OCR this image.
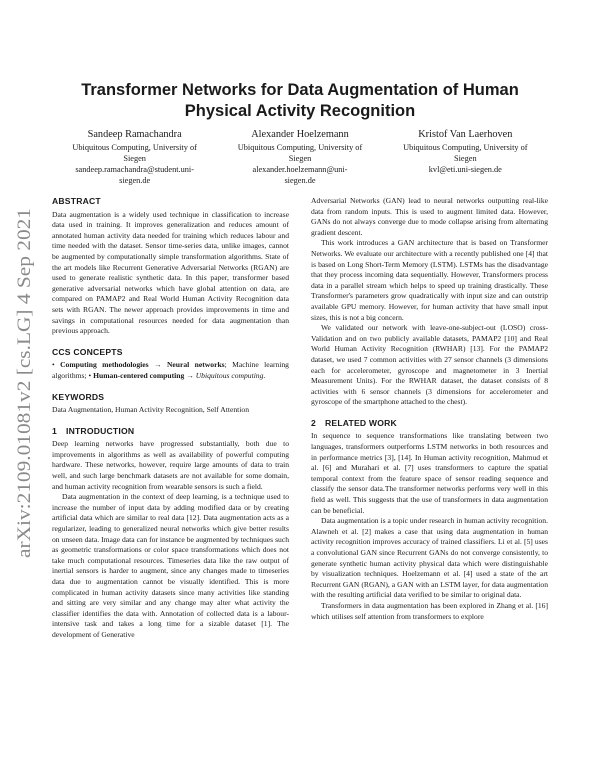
arXiv:2109.01081v2 [cs.LG] 4 Sep 2021
Transformer Networks for Data Augmentation of Human
Physical Activity Recognition
Sandeep Ramachandra
Ubiquitous Computing, University of
Siegen
sandeep.ramachandra@student.uni-
siegen.de
Alexander Hoelzemann
Ubiquitous Computing, University of
Siegen
alexander.hoelzemann@uni-
siegen.de
Kristof Van Laerhoven
Ubiquitous Computing, University of
Siegen
kvl@eti.uni-siegen.de
ABSTRACT

Data augmentation is a widely used technique in classification to increase data used in training. It improves generalization and reduces amount of annotated human activity data needed for training which reduces labour and time needed with the dataset. Sensor time-series data, unlike images, cannot be augmented by computationally simple transformation algorithms. State of the art models like Recurrent Generative Adversarial Networks (RGAN) are used to generate realistic synthetic data. In this paper, transformer based generative adversarial networks which have global attention on data, are compared on PAMAP2 and Real World Human Activity Recognition data sets with RGAN. The newer approach provides improvements in time and savings in computational resources needed for data augmentation than previous approach.

CCS CONCEPTS

• Computing methodologies → Neural networks; Machine learning algorithms; • Human-centered computing → Ubiquitous computing.

KEYWORDS

Data Augmentation, Human Activity Recognition, Self Attention

1 INTRODUCTION

Deep learning networks have progressed substantially, both due to improvements in algorithms as well as availability of powerful computing hardware. These networks, however, require large amounts of data to train well, and such large benchmark datasets are not available for some domain, and human activity recognition from wearable sensors is such a field.

Data augmentation in the context of deep learning, is a technique used to increase the number of input data by adding modified data or by creating artificial data which are similar to real data [12]. Data augmentation acts as a regularizer, leading to generalized neural networks which give better results on unseen data. Image data can for instance be augmented by techniques such as geometric transformations or color space transformations which does not take much computational resources. Timeseries data like the raw output of inertial sensors is harder to augment, since any changes made to timeseries data due to augmentation cannot be visually identified. This is more complicated in human activity datasets since many activities like standing and sitting are very similar and any change may alter what activity the classifier identifies the data with. Annotation of collected data is a labour-intensive task and takes a long time for a sizable dataset [1]. The development of Generative

Adversarial Networks (GAN) lead to neural networks outputting real-like data from random inputs. This is used to augment limited data. However, GANs do not always converge due to mode collapse arising from alternating gradient descent.

This work introduces a GAN architecture that is based on Transformer Networks. We evaluate our architecture with a recently published one [4] that is based on Long Short-Term Memory (LSTM). LSTMs has the disadvantage that they process incoming data sequentially. However, Transformers process data in a parallel stream which helps to speed up training drastically. These Transformer's parameters grow quadratically with input size and can outstrip available GPU memory. However, for human activity that have small input sizes, this is not a big concern.

We validated our network with leave-one-subject-out (LOSO) cross-Validation and on two publicly available datasets, PAMAP2 [10] and Real World Human Activity Recognition (RWHAR) [13]. For the PAMAP2 dataset, we used 7 common activities with 27 sensor channels (3 dimensions each for accelerometer, gyroscope and magnetometer in 3 Inertial Measurement Units). For the RWHAR dataset, the dataset consists of 8 activities with 6 sensor channels (3 dimensions for accelerometer and gyroscope of the smartphone attached to the chest).

2 RELATED WORK

In sequence to sequence transformations like translating between two languages, transformers outperforms LSTM networks in both resources and in performance metrics [3], [14]. In Human activity recognition, Mahmud et al. [6] and Murahari et al. [7] uses transformers to capture the spatial temporal context from the feature space of sensor reading sequence and classify the sensor data.The transformer networks performs very well in this field as well. This suggests that the use of transformers in data augmentation can be beneficial.

Data augmentation is a topic under research in human activity recognition. Alawneh et al. [2] makes a case that using data augmentation in human activity recognition improves accuracy of trained classifiers. Li et al. [5] uses a convolutional GAN since Recurrent GANs do not converge consistently, to generate synthetic human activity physical data which were distinguishable by visualization techniques. Hoelzemann et al. [4] used a state of the art Recurrent GAN (RGAN), a GAN with an LSTM layer, for data augmentation with the resulting artificial data verified to be similar to original data.

Transformers in data augmentation has been explored in Zhang et al. [16] which utilises self attention from transformers to explore
